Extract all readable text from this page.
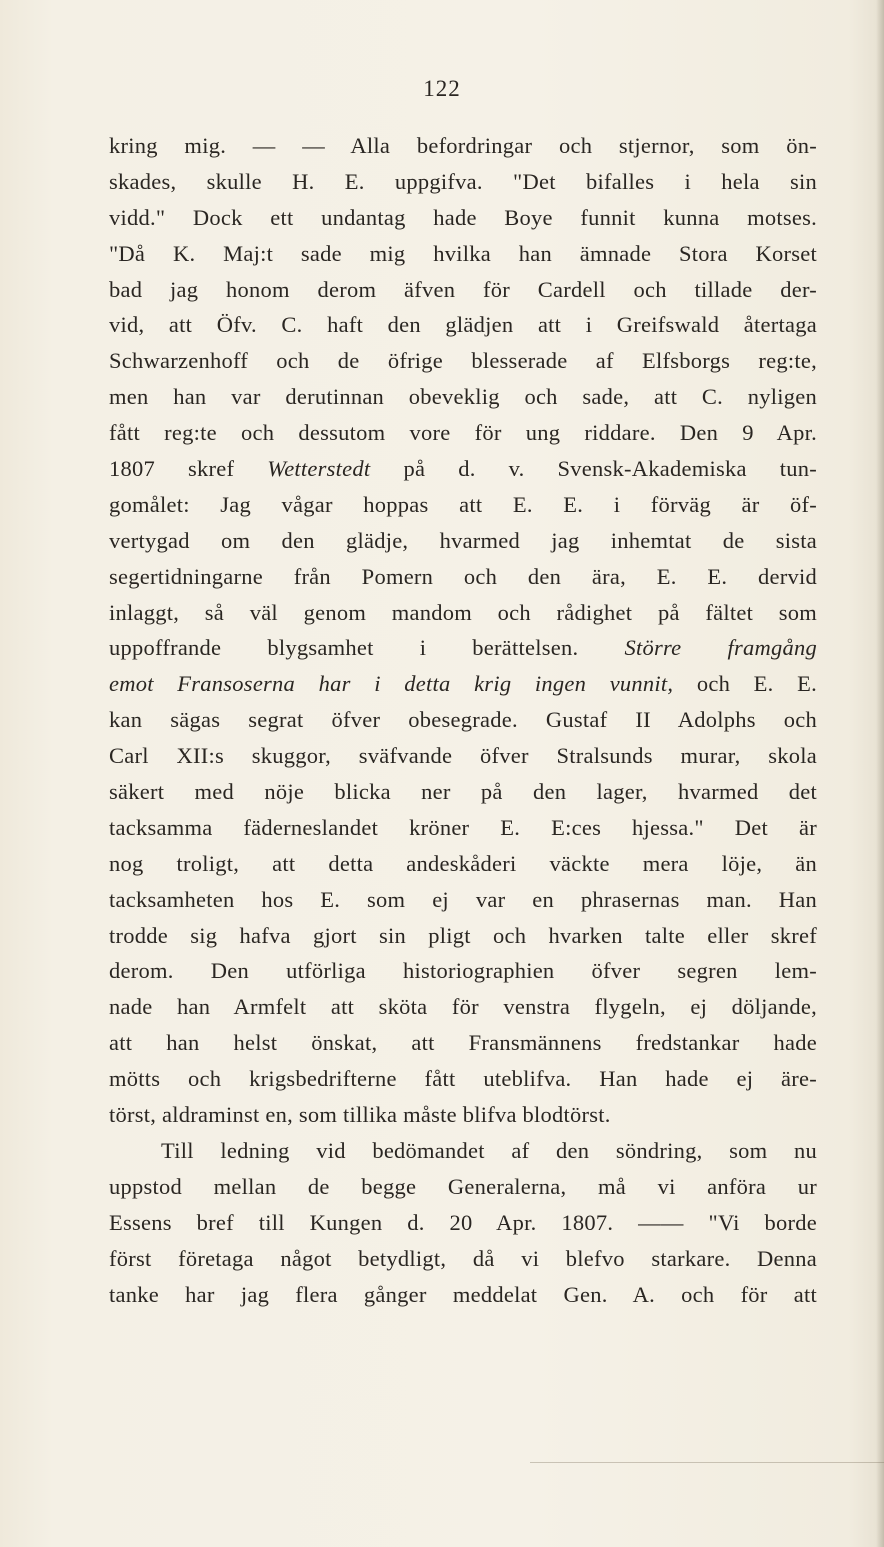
122
kring mig. — — Alla befordringar och stjernor, som ön-
skades, skulle H. E. uppgifva. "Det bifalles i hela sin
vidd." Dock ett undantag hade Boye funnit kunna motses.
"Då K. Maj:t sade mig hvilka han ämnade Stora Korset
bad jag honom derom äfven för Cardell och tillade der-
vid, att Öfv. C. haft den glädjen att i Greifswald återtaga
Schwarzenhoff och de öfrige blesserade af Elfsborgs reg:te,
men han var derutinnan obeveklig och sade, att C. nyligen
fått reg:te och dessutom vore för ung riddare. Den 9 Apr.
1807 skref Wetterstedt på d. v. Svensk-Akademiska tun-
gomålet: Jag vågar hoppas att E. E. i förväg är öf-
vertygad om den glädje, hvarmed jag inhemtat de sista
segertidningarne från Pomern och den ära, E. E. dervid
inlaggt, så väl genom mandom och rådighet på fältet som
uppoffrande blygsamhet i berättelsen. Större framgång
emot Fransoserna har i detta krig ingen vunnit, och E. E.
kan sägas segrat öfver obesegrade. Gustaf II Adolphs och
Carl XII:s skuggor, sväfvande öfver Stralsunds murar, skola
säkert med nöje blicka ner på den lager, hvarmed det
tacksamma fäderneslandet kröner E. E:ces hjessa." Det är
nog troligt, att detta andeskåderi väckte mera löje, än
tacksamheten hos E. som ej var en phrasernas man. Han
trodde sig hafva gjort sin pligt och hvarken talte eller skref
derom. Den utförliga historiographien öfver segren lem-
nade han Armfelt att sköta för venstra flygeln, ej döljande,
att han helst önskat, att Fransmännens fredstankar hade
mötts och krigsbedrifterne fått uteblifva. Han hade ej äre-
törst, aldraminst en, som tillika måste blifva blodtörst.
Till ledning vid bedömandet af den söndring, som nu
uppstod mellan de begge Generalerna, må vi anföra ur
Essens bref till Kungen d. 20 Apr. 1807. —— "Vi borde
först företaga något betydligt, då vi blefvo starkare. Denna
tanke har jag flera gånger meddelat Gen. A. och för att
